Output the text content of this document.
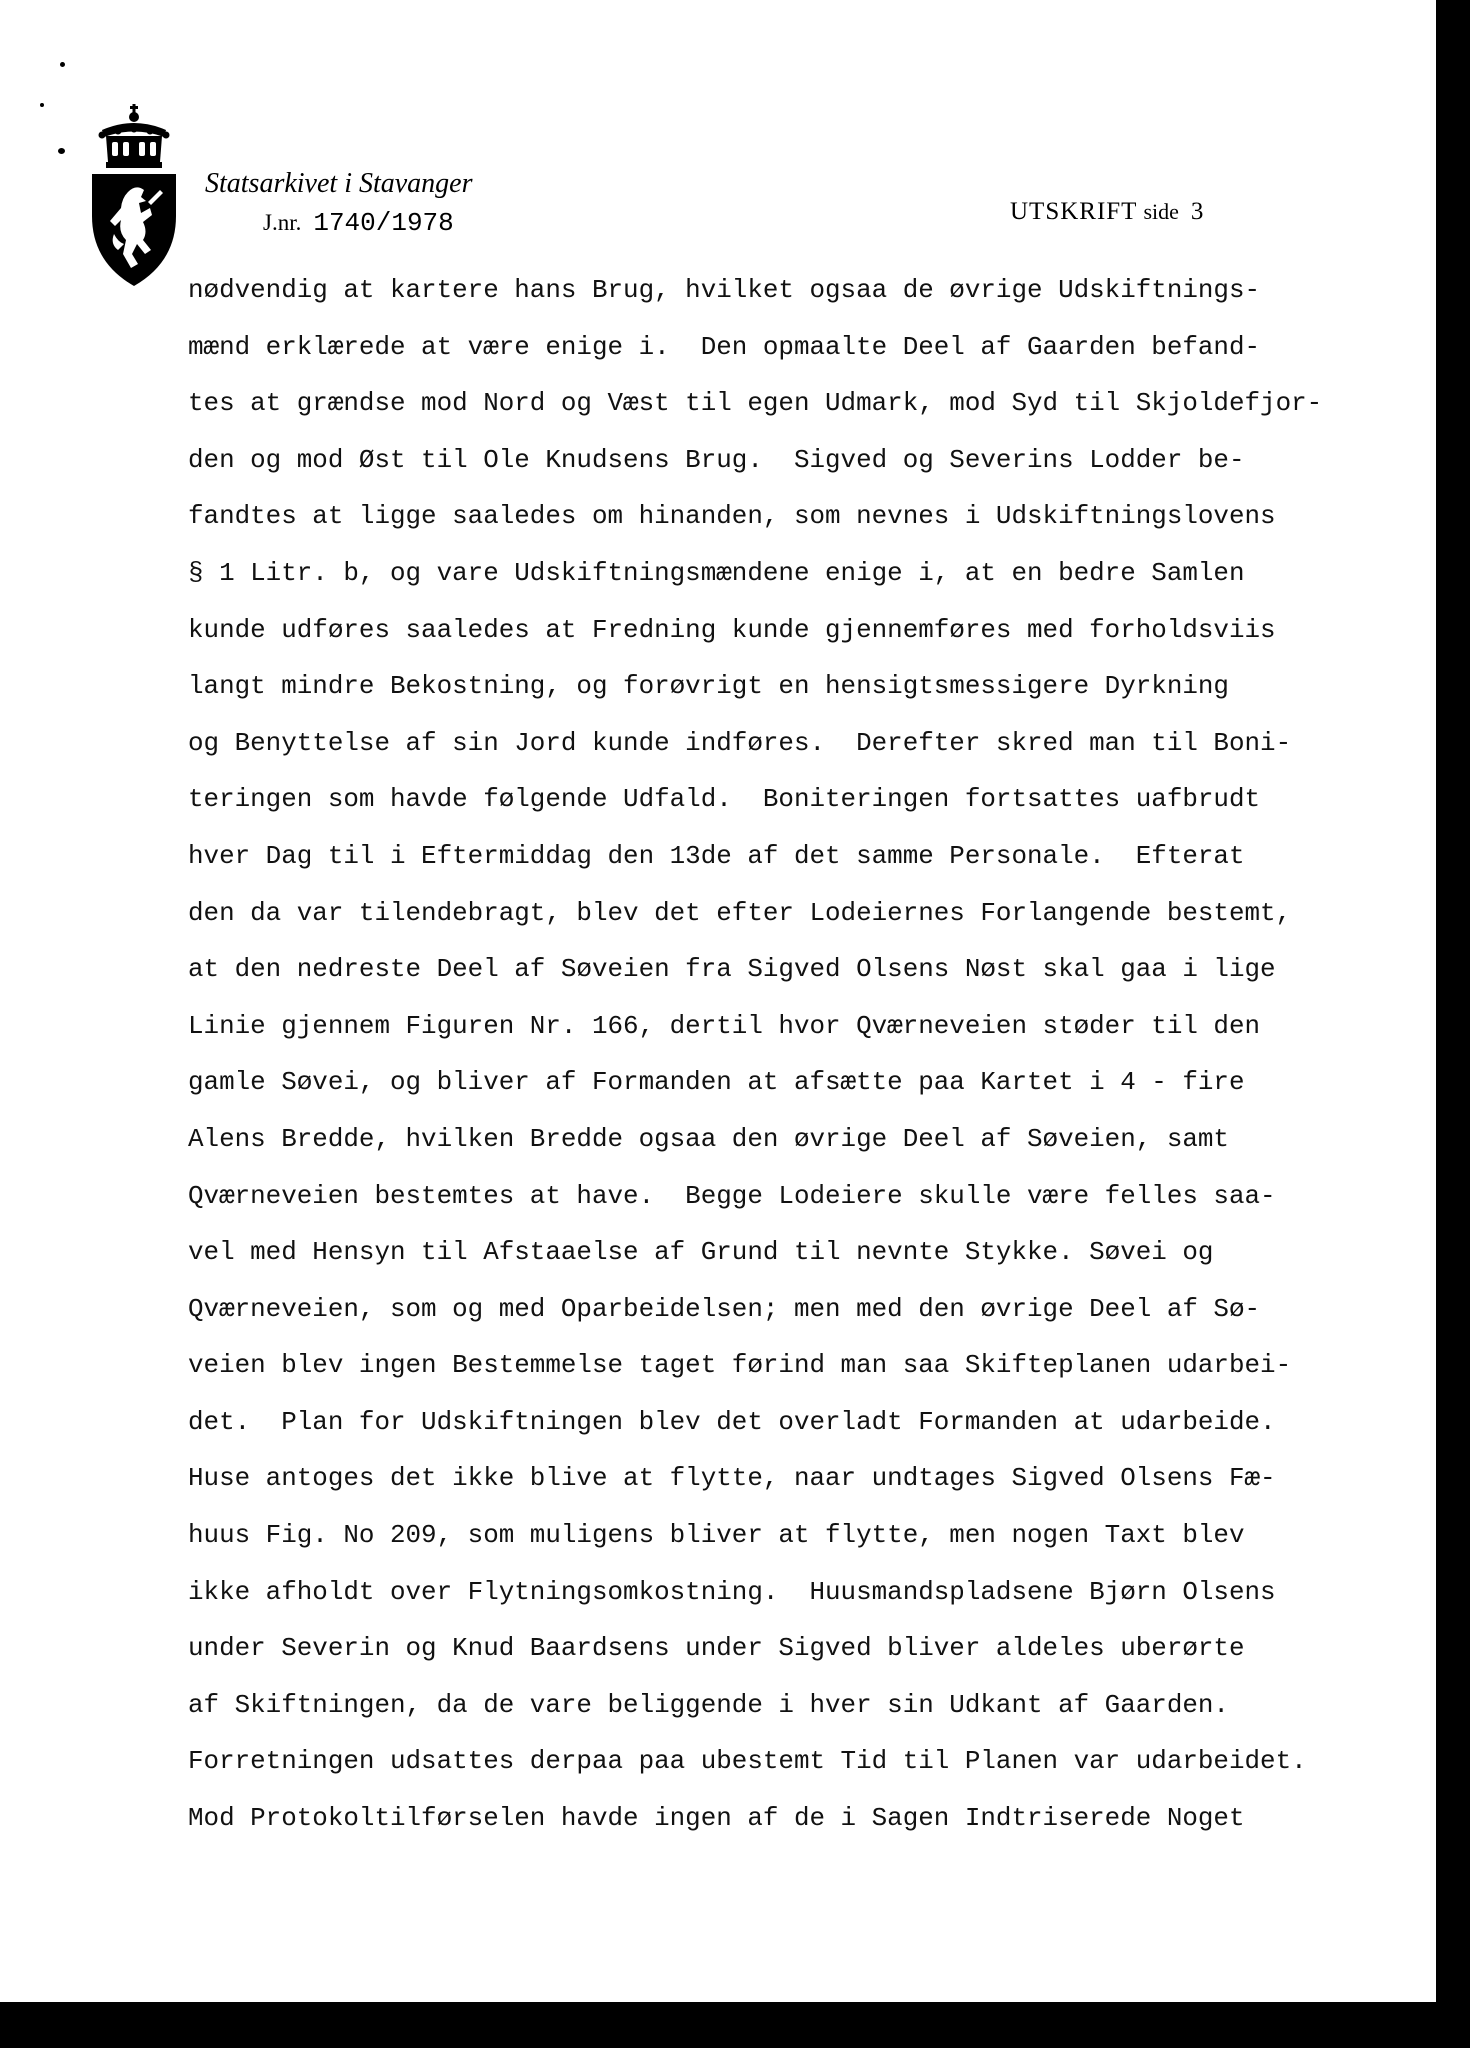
Statsarkivet i Stavanger
J.nr. 1740/1978	UTSKRIFT side 3
nødvendig at kartere hans Brug, hvilket ogsaa de øvrige Udskiftnings-
mænd erklærede at være enige i.  Den opmaalte Deel af Gaarden befand-
tes at grændse mod Nord og Væst til egen Udmark, mod Syd til Skjoldefjor-
den og mod Øst til Ole Knudsens Brug.  Sigved og Severins Lodder be-
fandtes at ligge saaledes om hinanden, som nevnes i Udskiftningslovens
§ 1 Litr. b, og vare Udskiftningsmændene enige i, at en bedre Samlen
kunde udføres saaledes at Fredning kunde gjennemføres med forholdsviis
langt mindre Bekostning, og forøvrigt en hensigtsmessigere Dyrkning
og Benyttelse af sin Jord kunde indføres.  Derefter skred man til Boni-
teringen som havde følgende Udfald.  Boniteringen fortsattes uafbrudt
hver Dag til i Eftermiddag den 13de af det samme Personale.  Efterat
den da var tilendebragt, blev det efter Lodeiernes Forlangende bestemt,
at den nedreste Deel af Søveien fra Sigved Olsens Nøst skal gaa i lige
Linie gjennem Figuren Nr. 166, dertil hvor Qværneveien støder til den
gamle Søvei, og bliver af Formanden at afsætte paa Kartet i 4 - fire
Alens Bredde, hvilken Bredde ogsaa den øvrige Deel af Søveien, samt
Qværneveien bestemtes at have.  Begge Lodeiere skulle være felles saa-
vel med Hensyn til Afstaaelse af Grund til nevnte Stykke. Søvei og
Qværneveien, som og med Oparbeidelsen; men med den øvrige Deel af Sø-
veien blev ingen Bestemmelse taget førind man saa Skifteplanen udarbei-
det.  Plan for Udskiftningen blev det overladt Formanden at udarbeide.
Huse antoges det ikke blive at flytte, naar undtages Sigved Olsens Fæ-
huus Fig. No 209, som muligens bliver at flytte, men nogen Taxt blev
ikke afholdt over Flytningsomkostning.  Huusmandspladsene Bjørn Olsens
under Severin og Knud Baardsens under Sigved bliver aldeles uberørte
af Skiftningen, da de vare beliggende i hver sin Udkant af Gaarden.
Forretningen udsattes derpaa paa ubestemt Tid til Planen var udarbeidet.
Mod Protokoltilførselen havde ingen af de i Sagen Indtriserede Noget
